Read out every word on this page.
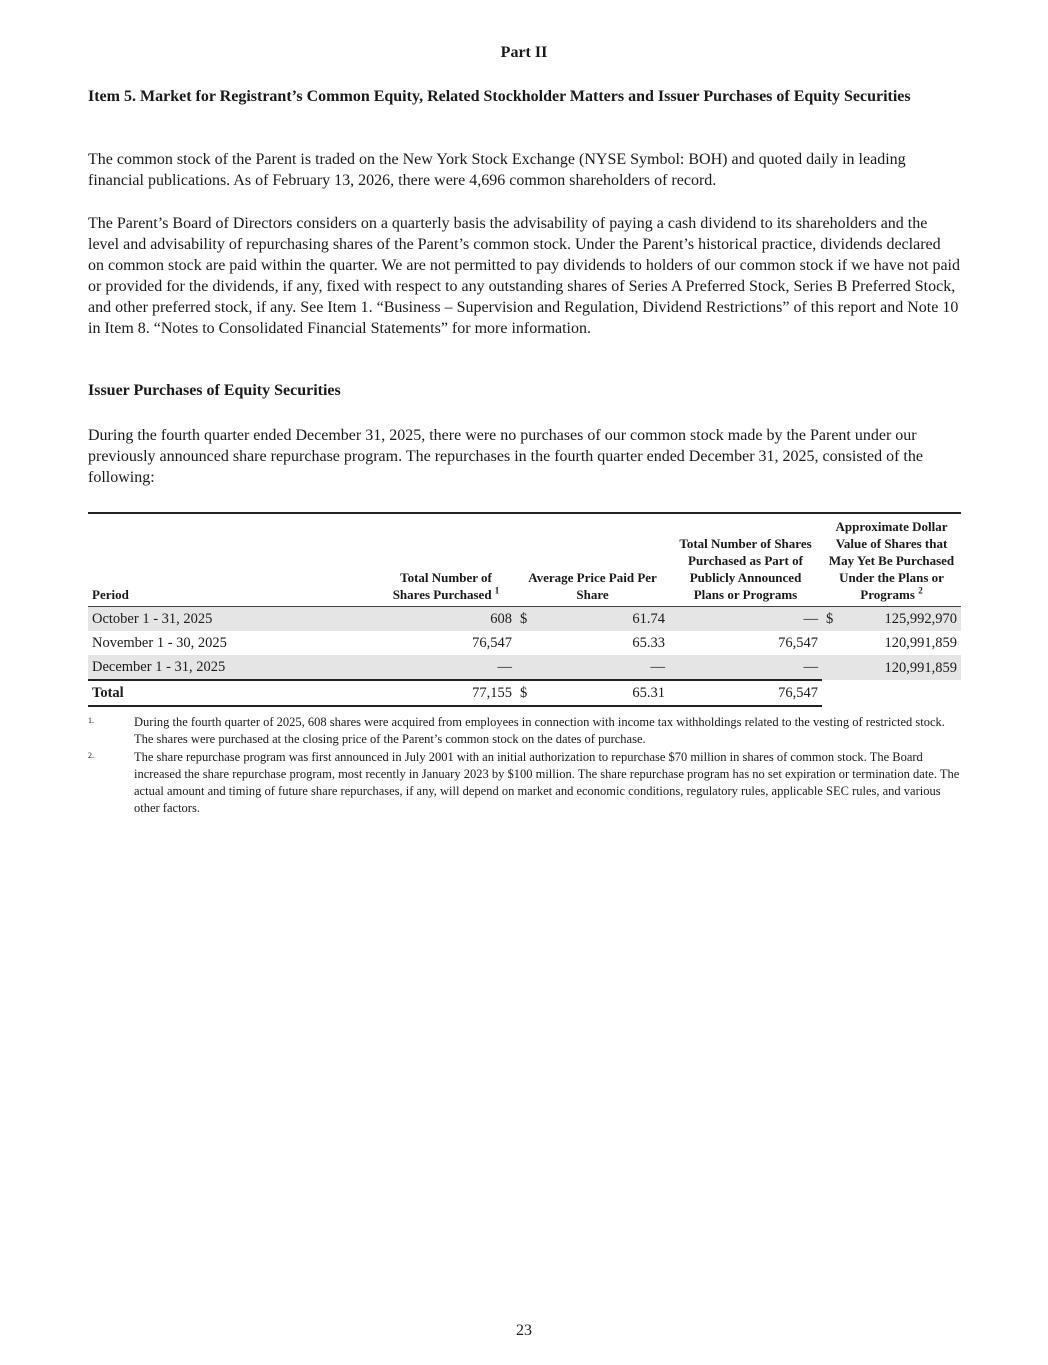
Part II
Item 5. Market for Registrant’s Common Equity, Related Stockholder Matters and Issuer Purchases of Equity Securities

The common stock of the Parent is traded on the New York Stock Exchange (NYSE Symbol: BOH) and quoted daily in leading financial publications. As of February 13, 2026, there were 4,696 common shareholders of record.

The Parent’s Board of Directors considers on a quarterly basis the advisability of paying a cash dividend to its shareholders and the level and advisability of repurchasing shares of the Parent’s common stock. Under the Parent’s historical practice, dividends declared on common stock are paid within the quarter. We are not permitted to pay dividends to holders of our common stock if we have not paid or provided for the dividends, if any, fixed with respect to any outstanding shares of Series A Preferred Stock, Series B Preferred Stock, and other preferred stock, if any. See Item 1. “Business – Supervision and Regulation, Dividend Restrictions” of this report and Note 10 in Item 8. “Notes to Consolidated Financial Statements” for more information.

Issuer Purchases of Equity Securities

During the fourth quarter ended December 31, 2025, there were no purchases of our common stock made by the Parent under our previously announced share repurchase program. The repurchases in the fourth quarter ended December 31, 2025, consisted of the following:

Period	Total Number of Shares Purchased $^1$	Average Price Paid Per Share		Total Number of Shares Purchased as Part of Publicly Announced Plans or Programs	Approximate Dollar Value of Shares that May Yet Be Purchased Under the Plans or Programs $^2$
October 1 - 31, 2025	608	$	61.74	—	$	125,992,970
November 1 - 30, 2025	76,547		65.33	76,547		120,991,859
December 1 - 31, 2025	—		—	—		120,991,859
Total	77,155	$	65.31	76,547		
1.	During the fourth quarter of 2025, 608 shares were acquired from employees in connection with income tax withholdings related to the vesting of restricted stock. The shares were purchased at the closing price of the Parent’s common stock on the dates of purchase.
2.	The share repurchase program was first announced in July 2001 with an initial authorization to repurchase $70 million in shares of common stock. The Board increased the share repurchase program, most recently in January 2023 by $100 million. The share repurchase program has no set expiration or termination date. The actual amount and timing of future share repurchases, if any, will depend on market and economic conditions, regulatory rules, applicable SEC rules, and various other factors.
23
